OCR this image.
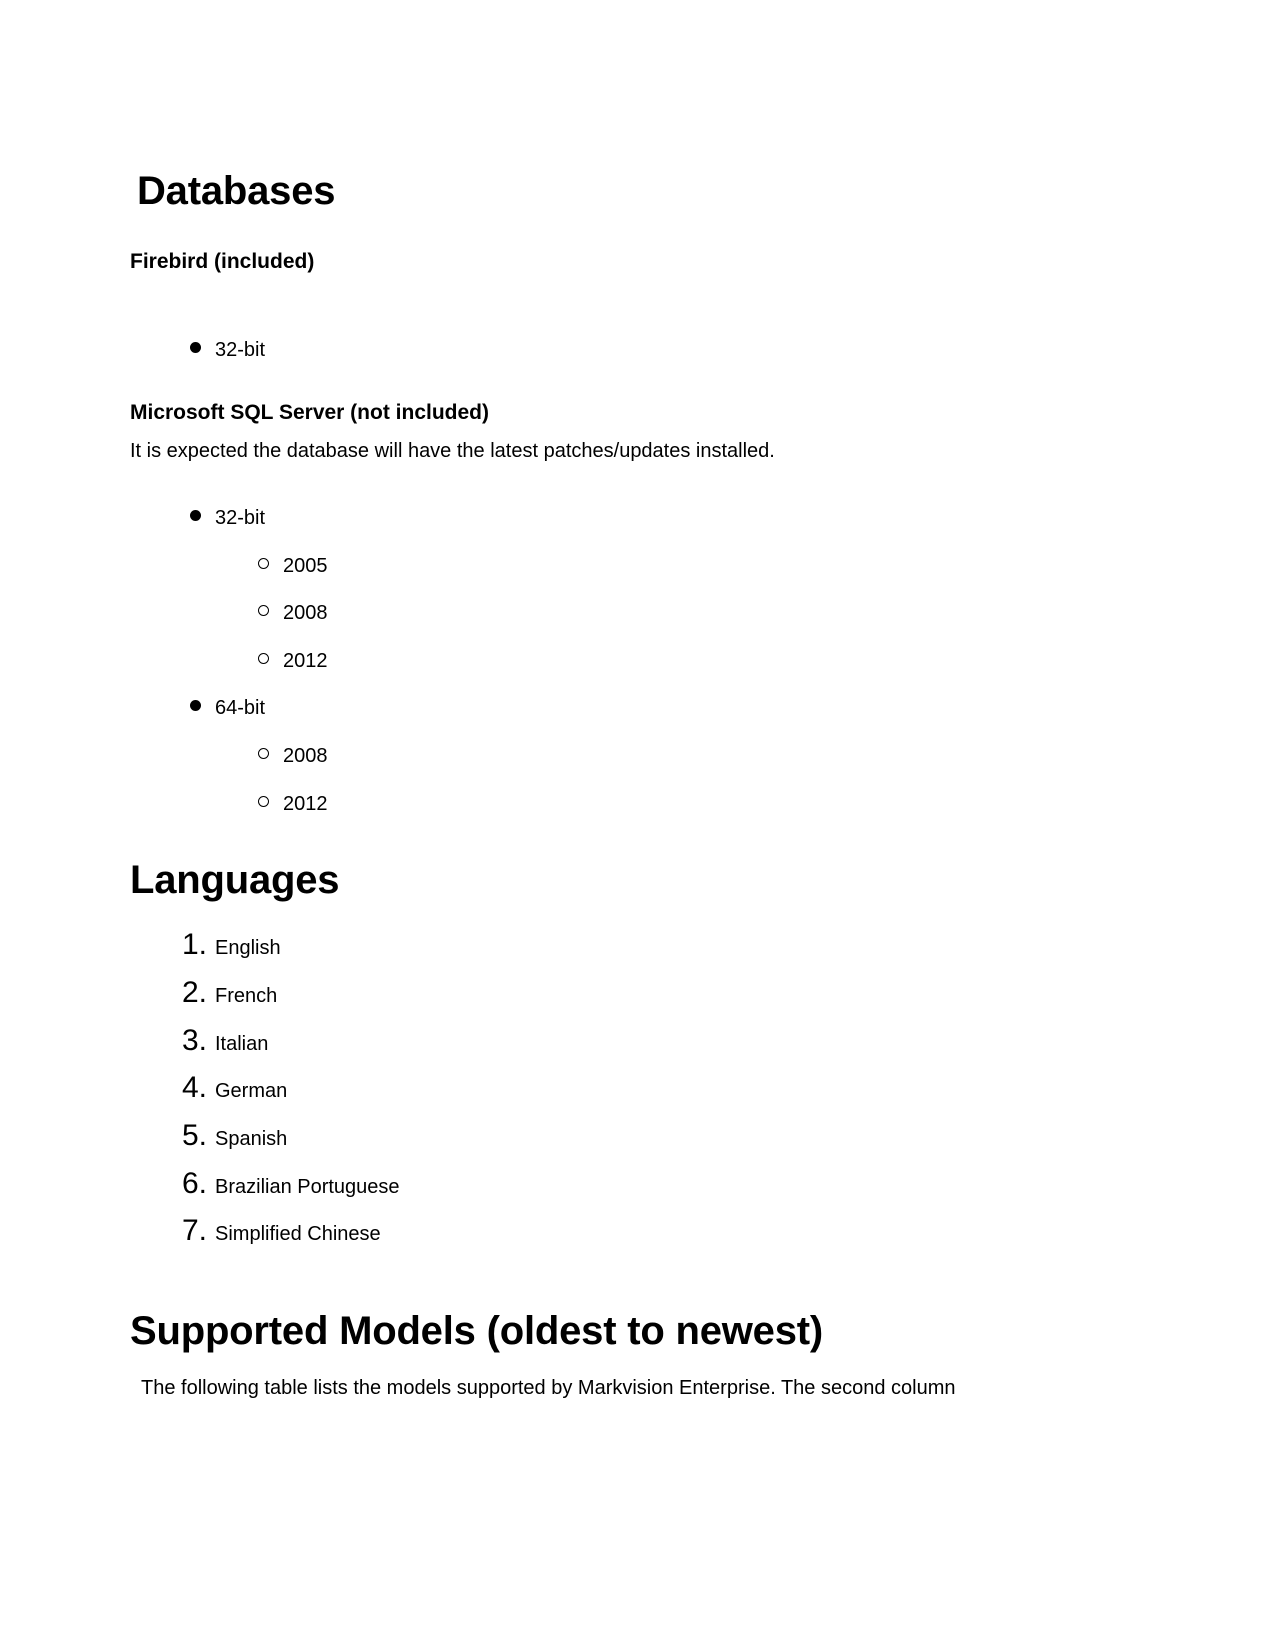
Databases
Firebird (included)
32-bit
Microsoft SQL Server (not included)
It is expected the database will have the latest patches/updates installed.
32-bit
2005
2008
2012
64-bit
2008
2012
Languages
1. English
2. French
3. Italian
4. German
5. Spanish
6. Brazilian Portuguese
7. Simplified Chinese
Supported Models (oldest to newest)
The following table lists the models supported by Markvision Enterprise. The second column
